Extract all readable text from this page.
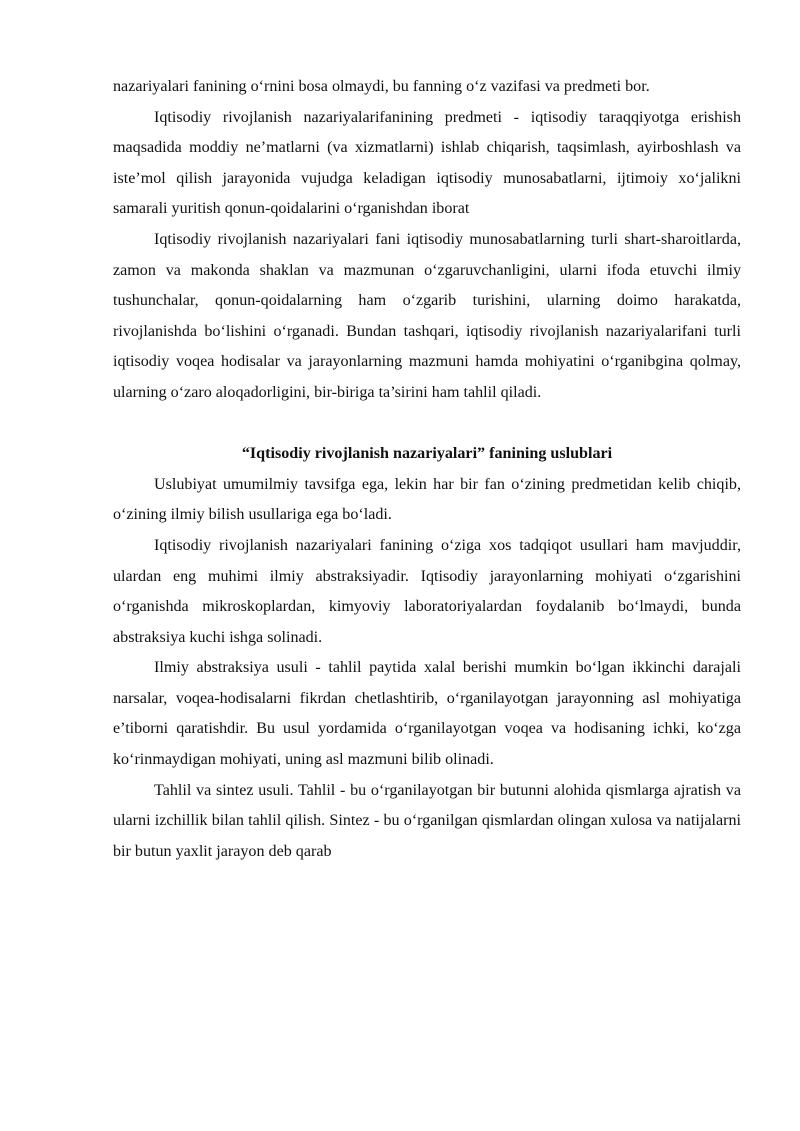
nazariyalari fanining o‘rnini bosa olmaydi, bu fanning o‘z vazifasi va predmeti bor.

Iqtisodiy rivojlanish nazariyalarifanining predmeti - iqtisodiy taraqqiyotga erishish maqsadida moddiy ne’matlarni (va xizmatlarni) ishlab chiqarish, taqsimlash, ayirboshlash va iste’mol qilish jarayonida vujudga keladigan iqtisodiy munosabatlarni, ijtimoiy xo‘jalikni samarali yuritish qonun-qoidalarini o‘rganishdan iborat

Iqtisodiy rivojlanish nazariyalari fani iqtisodiy munosabatlarning turli shart-sharoitlarda, zamon va makonda shaklan va mazmunan o‘zgaruvchanligini, ularni ifoda etuvchi ilmiy tushunchalar, qonun-qoidalarning ham o‘zgarib turishini, ularning doimo harakatda, rivojlanishda bo‘lishini o‘rganadi. Bundan tashqari, iqtisodiy rivojlanish nazariyalarifani turli iqtisodiy voqea hodisalar va jarayonlarning mazmuni hamda mohiyatini o‘rganibgina qolmay, ularning o‘zaro aloqadorligini, bir-biriga ta’sirini ham tahlil qiladi.

“Iqtisodiy rivojlanish nazariyalari” fanining uslublari

Uslubiyat umumilmiy tavsifga ega, lekin har bir fan o‘zining predmetidan kelib chiqib, o‘zining ilmiy bilish usullariga ega bo‘ladi.

Iqtisodiy rivojlanish nazariyalari fanining o‘ziga xos tadqiqot usullari ham mavjuddir, ulardan eng muhimi ilmiy abstraksiyadir. Iqtisodiy jarayonlarning mohiyati o‘zgarishini o‘rganishda mikroskoplardan, kimyoviy laboratoriyalardan foydalanib bo‘lmaydi, bunda abstraksiya kuchi ishga solinadi.

Ilmiy abstraksiya usuli - tahlil paytida xalal berishi mumkin bo‘lgan ikkinchi darajali narsalar, voqea-hodisalarni fikrdan chetlashtirib, o‘rganilayotgan jarayonning asl mohiyatiga e’tiborni qaratishdir. Bu usul yordamida o‘rganilayotgan voqea va hodisaning ichki, ko‘zga ko‘rinmaydigan mohiyati, uning asl mazmuni bilib olinadi.

Tahlil va sintez usuli. Tahlil - bu o‘rganilayotgan bir butunni alohida qismlarga ajratish va ularni izchillik bilan tahlil qilish. Sintez - bu o‘rganilgan qismlardan olingan xulosa va natijalarni bir butun yaxlit jarayon deb qarab
